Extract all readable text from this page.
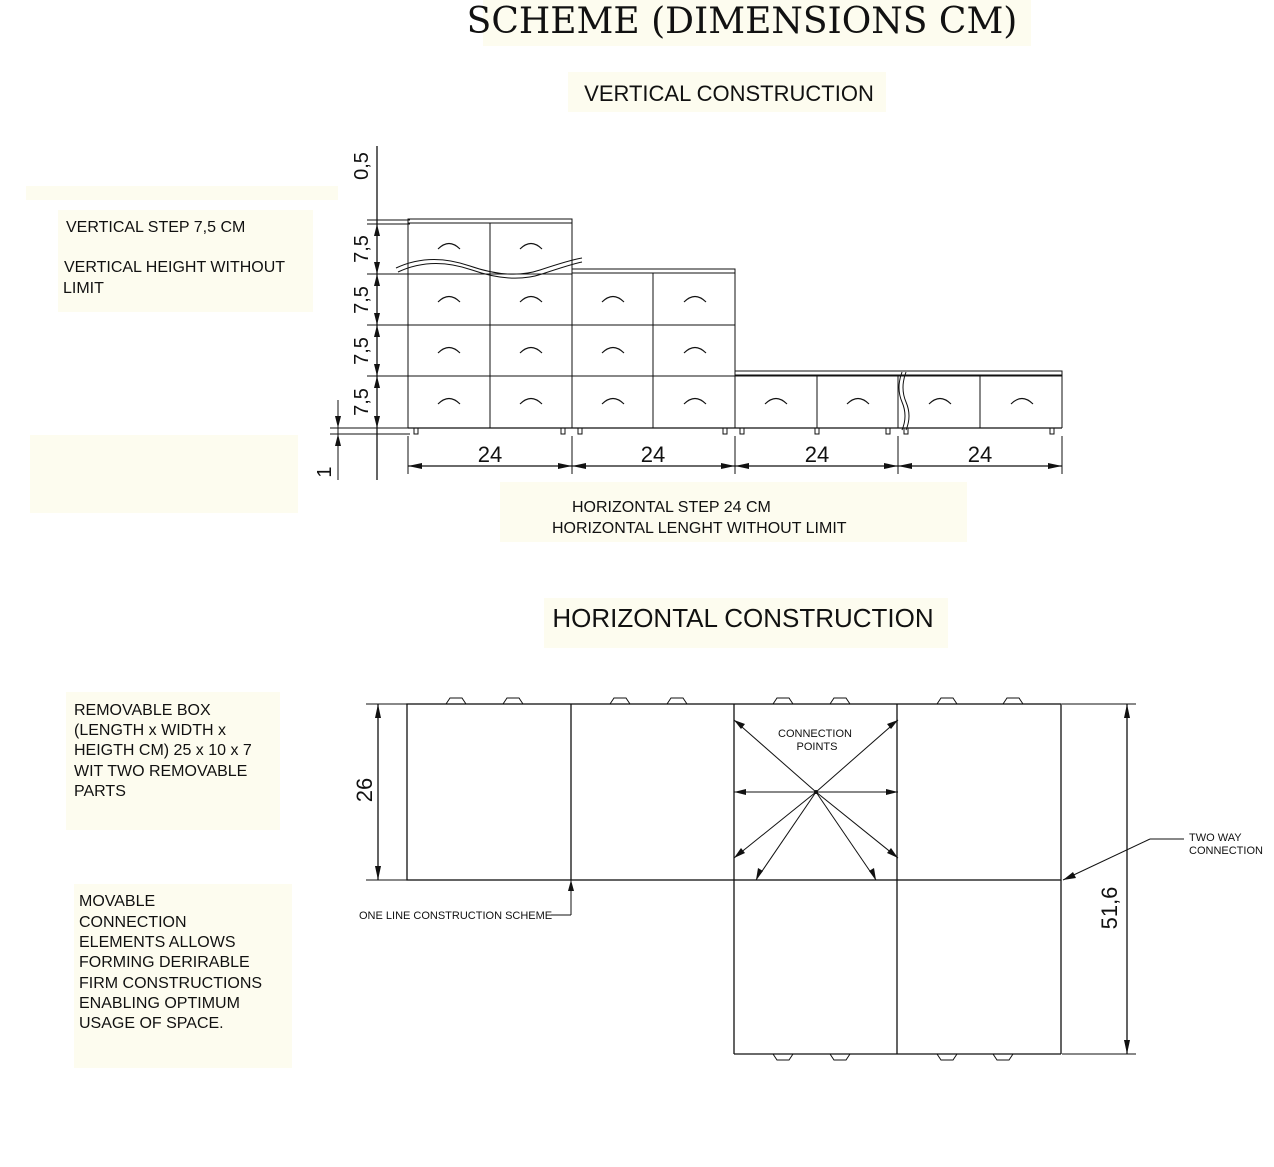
SCHEME (DIMENSIONS CM)
VERTICAL CONSTRUCTION
VERTICAL STEP 7,5 CM
VERTICAL HEIGHT WITHOUT
LIMIT
0,5
7,5
7,5
7,5
7,5
1
24	24	24	24
HORIZONTAL STEP 24 CM
HORIZONTAL LENGHT WITHOUT LIMIT
HORIZONTAL CONSTRUCTION
REMOVABLE BOX
(LENGTH x WIDTH x
HEIGTH CM) 25 x 10 x 7
WIT TWO REMOVABLE
PARTS
MOVABLE
CONNECTION
ELEMENTS ALLOWS
FORMING DERIRABLE
FIRM CONSTRUCTIONS
ENABLING OPTIMUM
USAGE OF SPACE.
CONNECTION
POINTS
26
51,6
TWO WAY
CONNECTION
ONE LINE CONSTRUCTION SCHEME
